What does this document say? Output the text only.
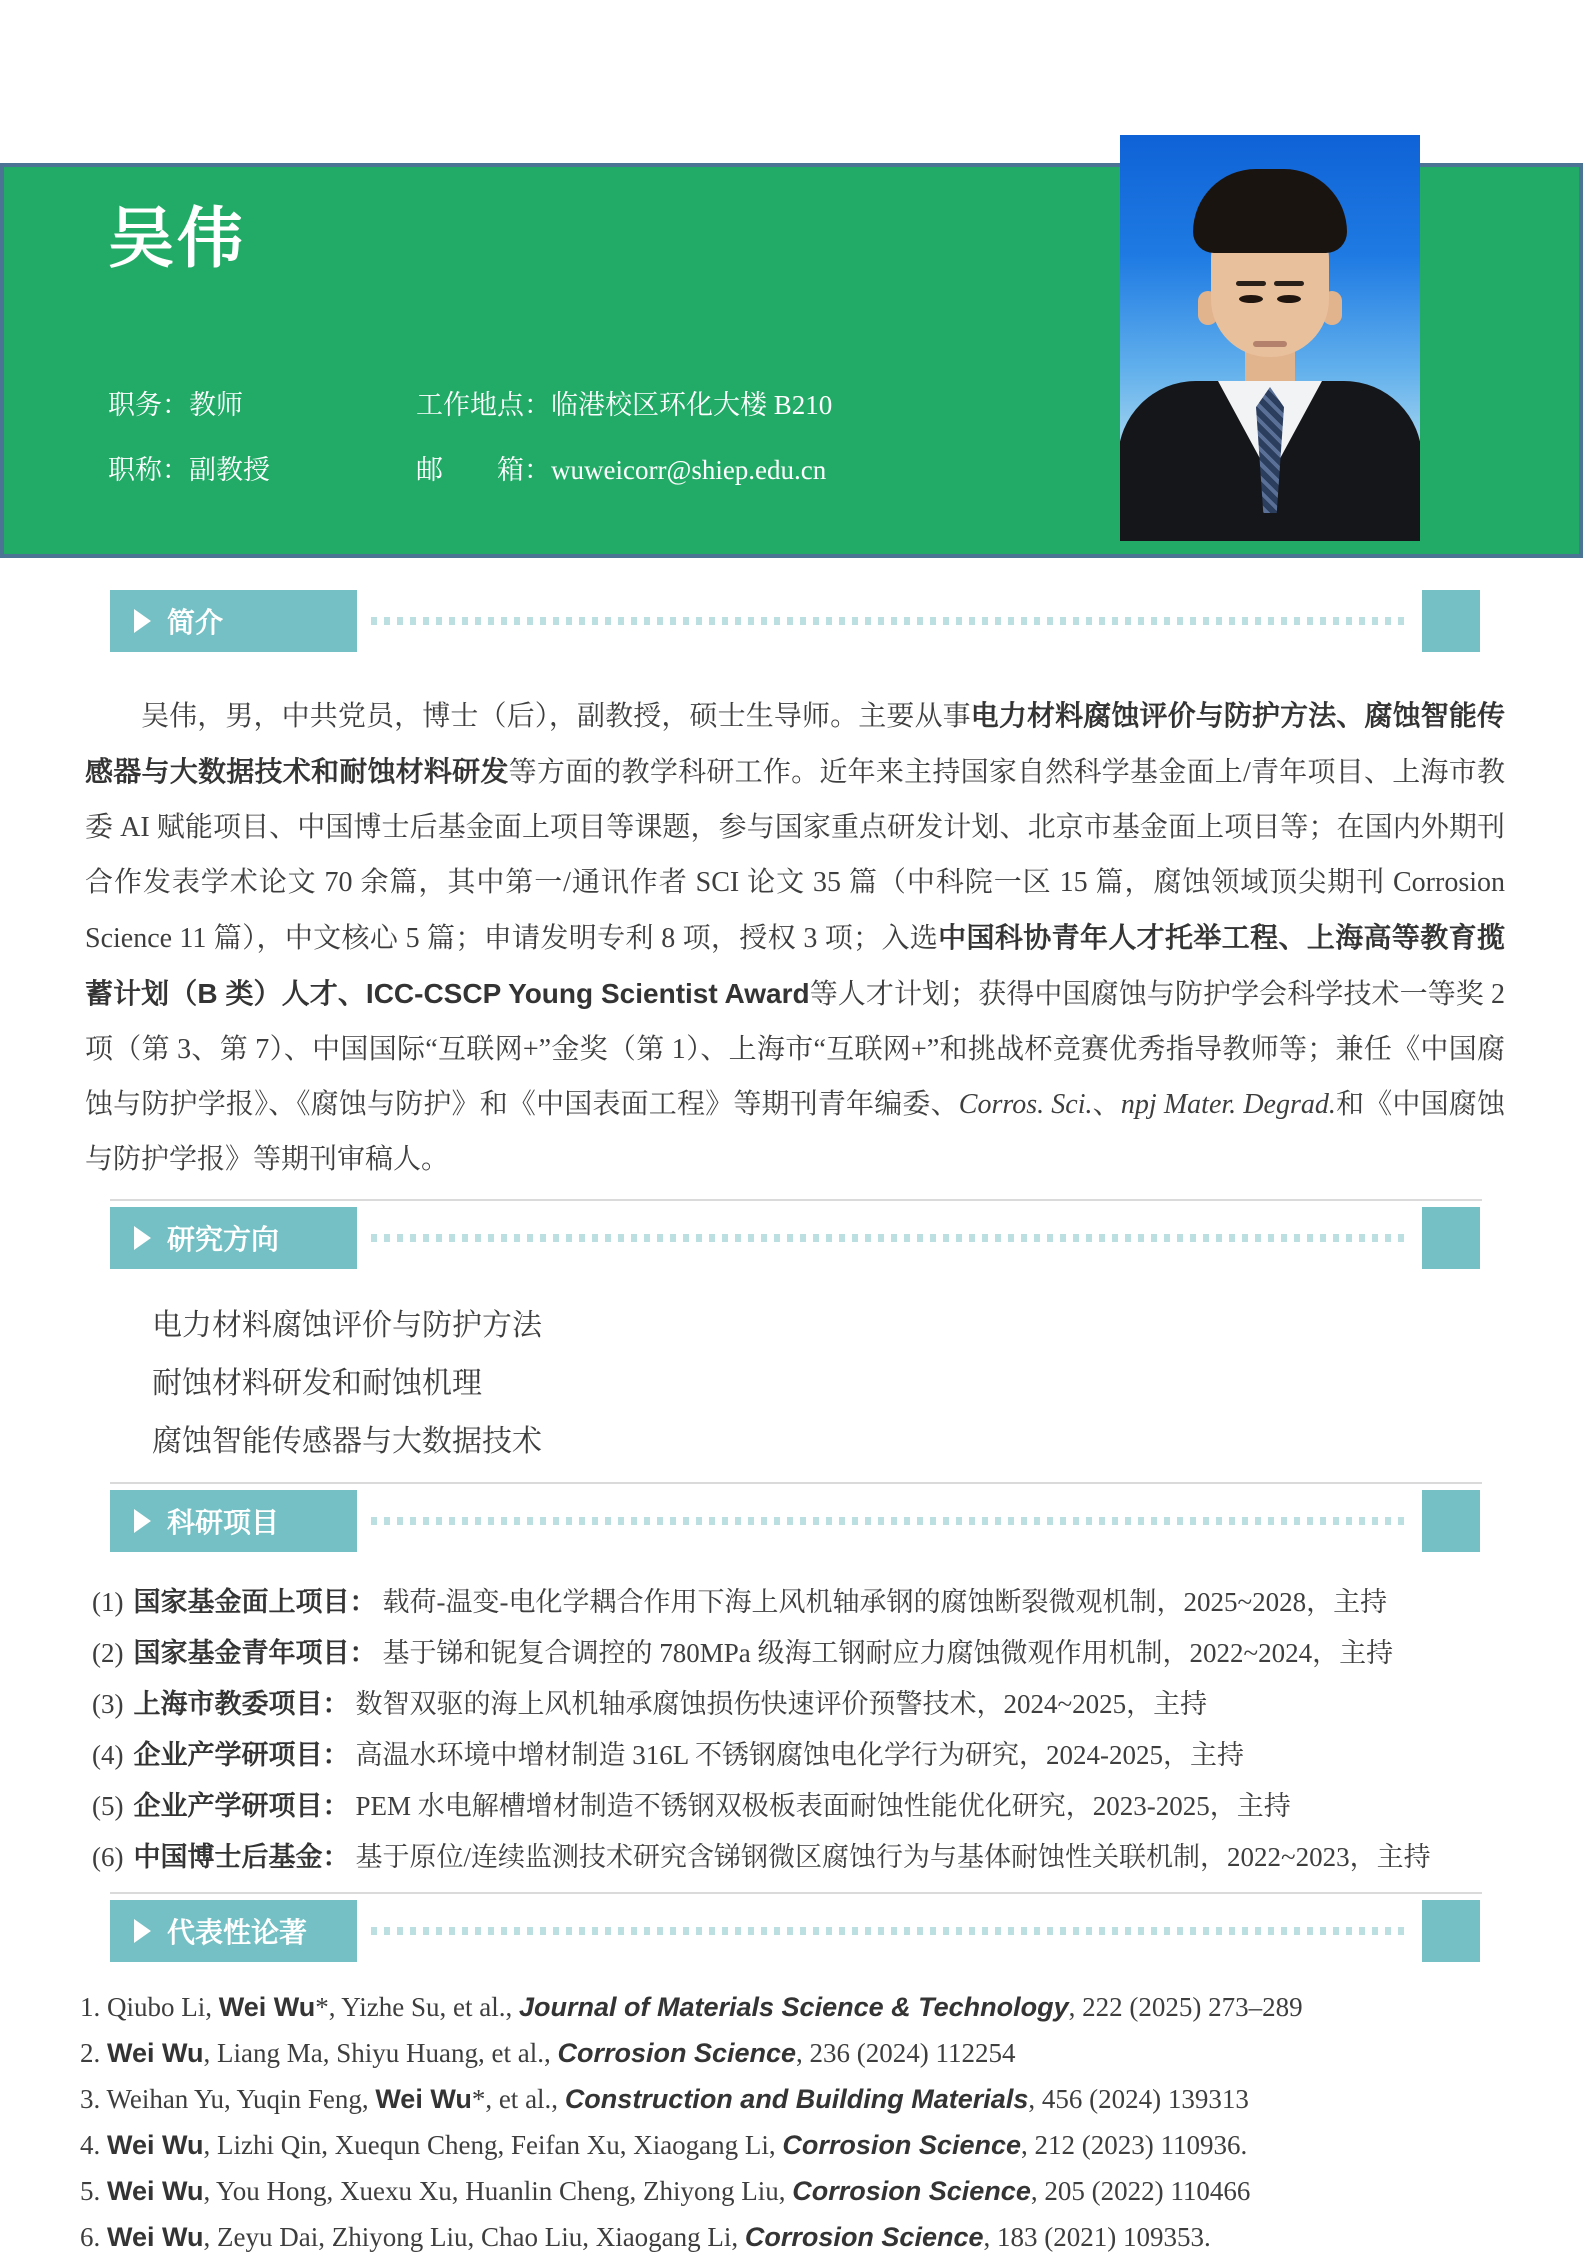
吴伟
职务：教师	工作地点：临港校区环化大楼 B210
职称：副教授	邮　　箱：wuweicorr@shiep.edu.cn
简介
吴伟，男，中共党员，博士（后），副教授，硕士生导师。主要从事电力材料腐蚀评价与防护方法、腐蚀智能传感器与大数据技术和耐蚀材料研发等方面的教学科研工作。近年来主持国家自然科学基金面上/青年项目、上海市教委 AI 赋能项目、中国博士后基金面上项目等课题，参与国家重点研发计划、北京市基金面上项目等；在国内外期刊合作发表学术论文 70 余篇，其中第一/通讯作者 SCI 论文 35 篇（中科院一区 15 篇，腐蚀领域顶尖期刊 Corrosion Science 11 篇），中文核心 5 篇；申请发明专利 8 项，授权 3 项；入选中国科协青年人才托举工程、上海高等教育揽蓄计划（B 类）人才、ICC-CSCP Young Scientist Award等人才计划；获得中国腐蚀与防护学会科学技术一等奖 2 项（第 3、第 7）、中国国际“互联网+”金奖（第 1）、上海市“互联网+”和挑战杯竞赛优秀指导教师等；兼任《中国腐蚀与防护学报》、《腐蚀与防护》和《中国表面工程》等期刊青年编委、Corros. Sci.、npj Mater. Degrad.和《中国腐蚀与防护学报》等期刊审稿人。
研究方向
电力材料腐蚀评价与防护方法
耐蚀材料研发和耐蚀机理
腐蚀智能传感器与大数据技术
科研项目
(1) 国家基金面上项目： 载荷-温变-电化学耦合作用下海上风机轴承钢的腐蚀断裂微观机制，2025~2028，主持
(2) 国家基金青年项目： 基于锑和铌复合调控的 780MPa 级海工钢耐应力腐蚀微观作用机制，2022~2024，主持
(3) 上海市教委项目： 数智双驱的海上风机轴承腐蚀损伤快速评价预警技术，2024~2025，主持
(4) 企业产学研项目： 高温水环境中增材制造 316L 不锈钢腐蚀电化学行为研究，2024-2025，主持
(5) 企业产学研项目： PEM 水电解槽增材制造不锈钢双极板表面耐蚀性能优化研究，2023-2025，主持
(6) 中国博士后基金： 基于原位/连续监测技术研究含锑钢微区腐蚀行为与基体耐蚀性关联机制，2022~2023，主持
代表性论著
1. Qiubo Li, Wei Wu*, Yizhe Su, et al., Journal of Materials Science & Technology, 222 (2025) 273–289
2. Wei Wu, Liang Ma, Shiyu Huang, et al., Corrosion Science, 236 (2024) 112254
3. Weihan Yu, Yuqin Feng, Wei Wu*, et al., Construction and Building Materials, 456 (2024) 139313
4. Wei Wu, Lizhi Qin, Xuequn Cheng, Feifan Xu, Xiaogang Li, Corrosion Science, 212 (2023) 110936.
5. Wei Wu, You Hong, Xuexu Xu, Huanlin Cheng, Zhiyong Liu, Corrosion Science, 205 (2022) 110466
6. Wei Wu, Zeyu Dai, Zhiyong Liu, Chao Liu, Xiaogang Li, Corrosion Science, 183 (2021) 109353.
